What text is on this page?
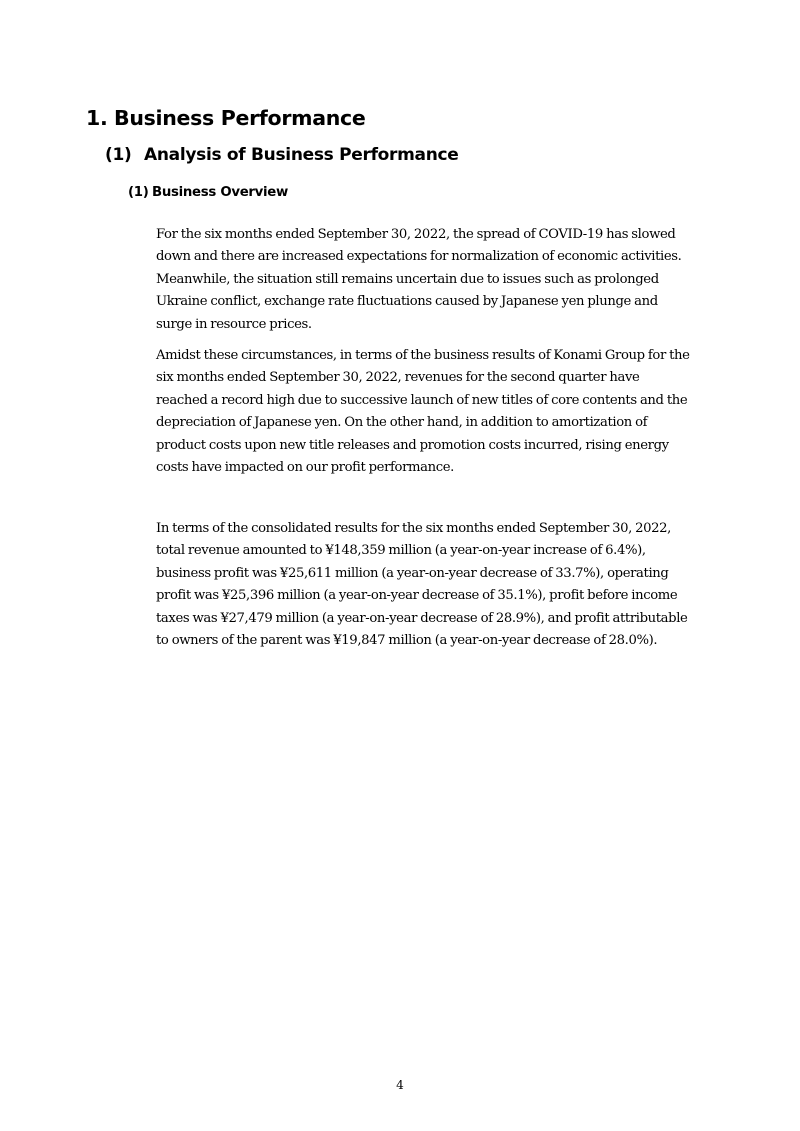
1. Business Performance
(1) Analysis of Business Performance
(1) Business Overview

For the six months ended September 30, 2022, the spread of COVID-19 has slowed down and there are increased expectations for normalization of economic activities. Meanwhile, the situation still remains uncertain due to issues such as prolonged Ukraine conflict, exchange rate fluctuations caused by Japanese yen plunge and surge in resource prices.

Amidst these circumstances, in terms of the business results of Konami Group for the six months ended September 30, 2022, revenues for the second quarter have reached a record high due to successive launch of new titles of core contents and the depreciation of Japanese yen. On the other hand, in addition to amortization of product costs upon new title releases and promotion costs incurred, rising energy costs have impacted on our profit performance.

In terms of the consolidated results for the six months ended September 30, 2022, total revenue amounted to ¥148,359 million (a year-on-year increase of 6.4%), business profit was ¥25,611 million (a year-on-year decrease of 33.7%), operating profit was ¥25,396 million (a year-on-year decrease of 35.1%), profit before income taxes was ¥27,479 million (a year-on-year decrease of 28.9%), and profit attributable to owners of the parent was ¥19,847 million (a year-on-year decrease of 28.0%).

4
